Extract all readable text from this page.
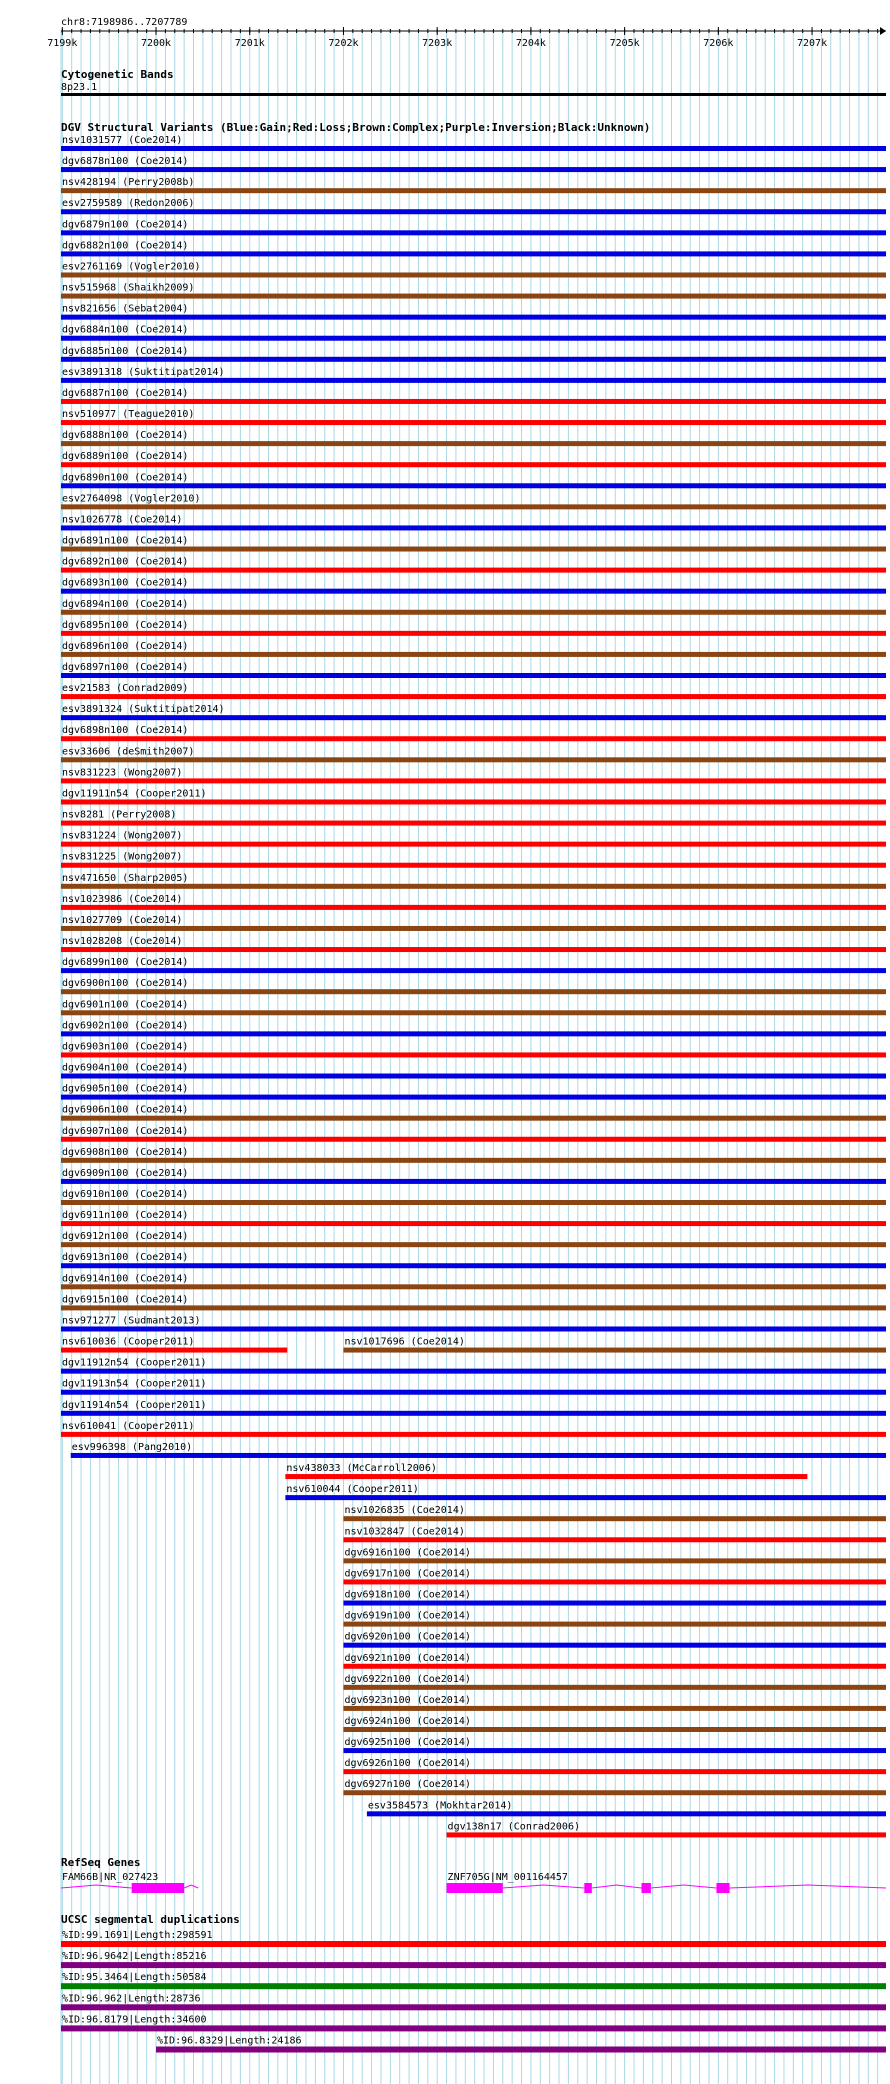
chr8:7198986..7207789
7199k	7200k	7201k	7202k	7203k	7204k	7205k	7206k	7207k
Cytogenetic Bands
8p23.1
DGV Structural Variants (Blue:Gain;Red:Loss;Brown:Complex;Purple:Inversion;Black:Unknown)
nsv1031577 (Coe2014)
dgv6878n100 (Coe2014)
nsv428194 (Perry2008b)
esv2759589 (Redon2006)
dgv6879n100 (Coe2014)
dgv6882n100 (Coe2014)
esv2761169 (Vogler2010)
nsv515968 (Shaikh2009)
nsv821656 (Sebat2004)
dgv6884n100 (Coe2014)
dgv6885n100 (Coe2014)
esv3891318 (Suktitipat2014)
dgv6887n100 (Coe2014)
nsv510977 (Teague2010)
dgv6888n100 (Coe2014)
dgv6889n100 (Coe2014)
dgv6890n100 (Coe2014)
esv2764098 (Vogler2010)
nsv1026778 (Coe2014)
dgv6891n100 (Coe2014)
dgv6892n100 (Coe2014)
dgv6893n100 (Coe2014)
dgv6894n100 (Coe2014)
dgv6895n100 (Coe2014)
dgv6896n100 (Coe2014)
dgv6897n100 (Coe2014)
esv21583 (Conrad2009)
esv3891324 (Suktitipat2014)
dgv6898n100 (Coe2014)
esv33606 (deSmith2007)
nsv831223 (Wong2007)
dgv11911n54 (Cooper2011)
nsv8281 (Perry2008)
nsv831224 (Wong2007)
nsv831225 (Wong2007)
nsv471650 (Sharp2005)
nsv1023986 (Coe2014)
nsv1027709 (Coe2014)
nsv1028208 (Coe2014)
dgv6899n100 (Coe2014)
dgv6900n100 (Coe2014)
dgv6901n100 (Coe2014)
dgv6902n100 (Coe2014)
dgv6903n100 (Coe2014)
dgv6904n100 (Coe2014)
dgv6905n100 (Coe2014)
dgv6906n100 (Coe2014)
dgv6907n100 (Coe2014)
dgv6908n100 (Coe2014)
dgv6909n100 (Coe2014)
dgv6910n100 (Coe2014)
dgv6911n100 (Coe2014)
dgv6912n100 (Coe2014)
dgv6913n100 (Coe2014)
dgv6914n100 (Coe2014)
dgv6915n100 (Coe2014)
nsv971277 (Sudmant2013)
nsv610036 (Cooper2011)	nsv1017696 (Coe2014)
dgv11912n54 (Cooper2011)
dgv11913n54 (Cooper2011)
dgv11914n54 (Cooper2011)
nsv610041 (Cooper2011)
esv996398 (Pang2010)
nsv438033 (McCarroll2006)
nsv610044 (Cooper2011)
nsv1026835 (Coe2014)
nsv1032847 (Coe2014)
dgv6916n100 (Coe2014)
dgv6917n100 (Coe2014)
dgv6918n100 (Coe2014)
dgv6919n100 (Coe2014)
dgv6920n100 (Coe2014)
dgv6921n100 (Coe2014)
dgv6922n100 (Coe2014)
dgv6923n100 (Coe2014)
dgv6924n100 (Coe2014)
dgv6925n100 (Coe2014)
dgv6926n100 (Coe2014)
dgv6927n100 (Coe2014)
esv3584573 (Mokhtar2014)
dgv138n17 (Conrad2006)
RefSeq Genes
FAM66B|NR_027423	ZNF705G|NM_001164457
UCSC segmental duplications
%ID:99.1691|Length:298591
%ID:96.9642|Length:85216
%ID:95.3464|Length:50584
%ID:96.962|Length:28736
%ID:96.8179|Length:34600
%ID:96.8329|Length:24186
